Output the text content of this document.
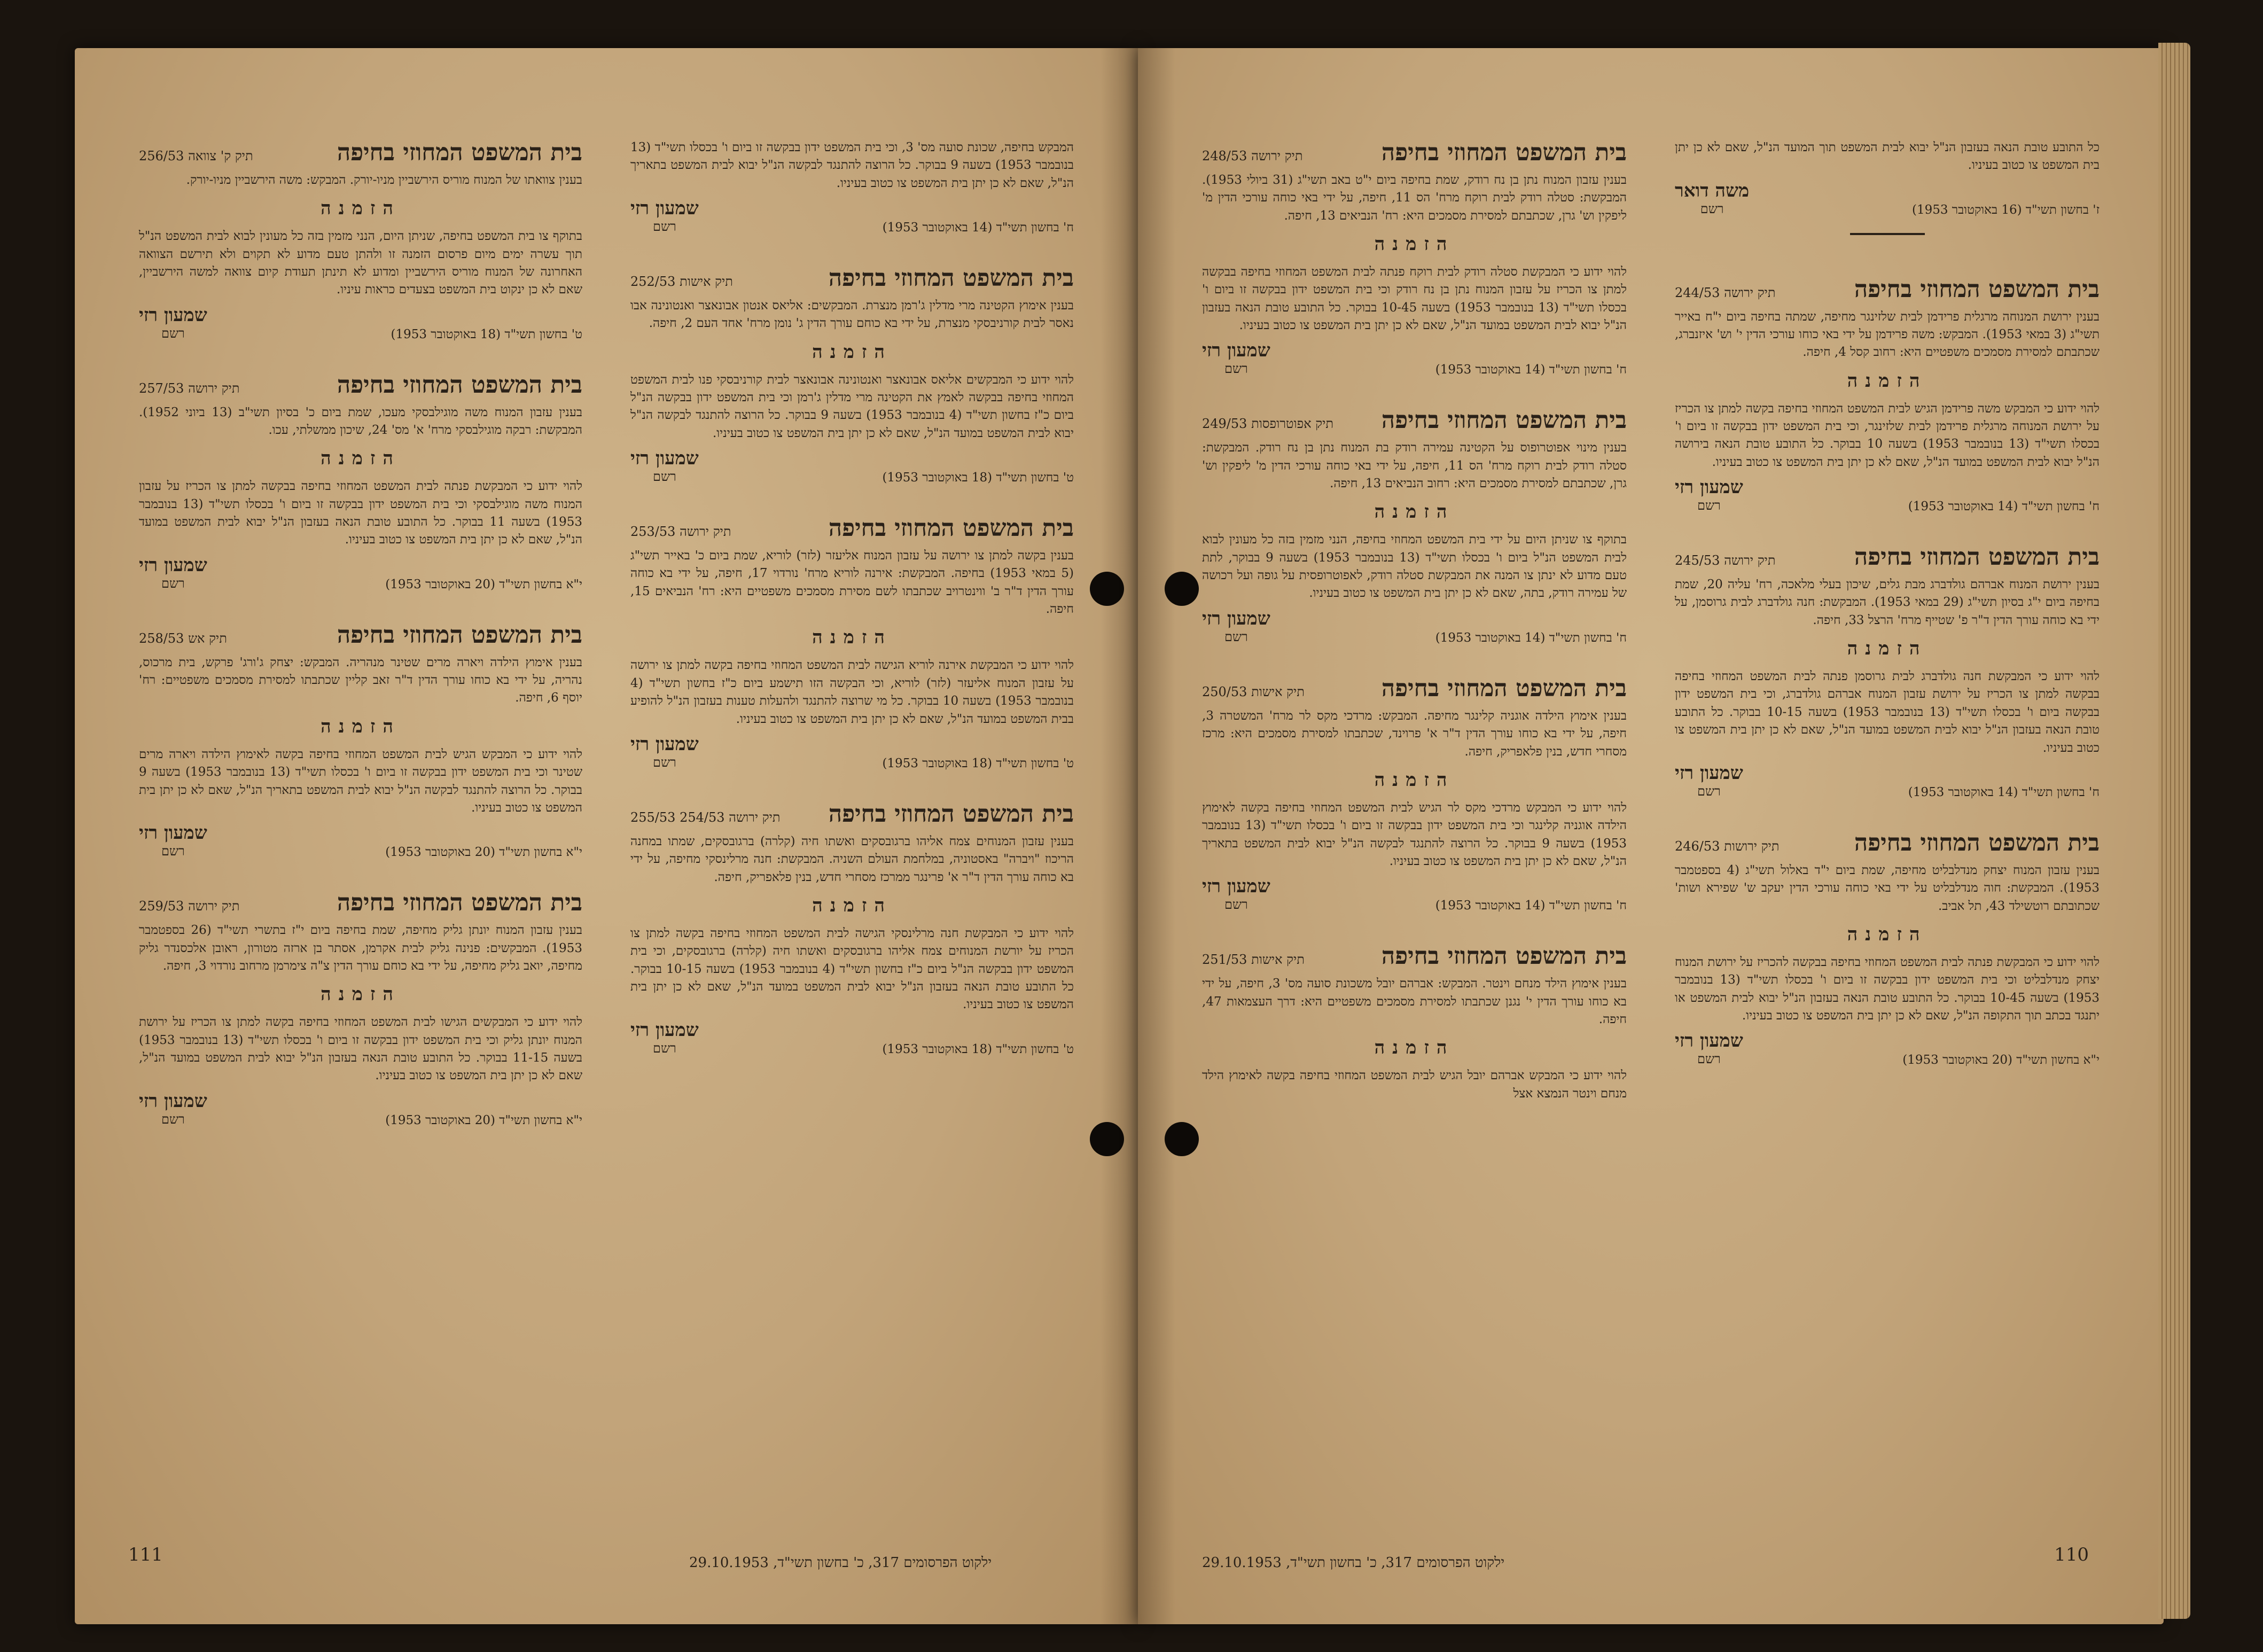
המבקש בחיפה, שכונת סועה מס' 3, וכי בית המשפט ידון בבקשה זו ביום ו' בכסלו תשי"ד (13 בנובמבר 1953) בשעה 9 בבוקר. כל הרוצה להתנגד לבקשה הנ"ל יבוא לבית המשפט בתאריך הנ"ל, שאם לא כן יתן בית המשפט צו כטוב בעיניו.
ח' בחשון תשי"ד (14 באוקטובר 1953)
שמעון רזי
רשם
בית המשפט המחוזי בחיפה
תיק אישות 252/53
בענין אימוץ הקטינה מרי מדלין ג'רמן מנצרת. המבקשים: אליאס אנטון אבונאצר ואנטונינה אבו נאסר לבית קורניבסקי מנצרת, על ידי בא כוחם עורך הדין ג' נומן מרח' אחד העם 2, חיפה.
הזמנה
להוי ידוע כי המבקשים אליאס אבונאצר ואנטונינה אבונאצר לבית קורניבסקי פנו לבית המשפט המחוזי בחיפה בבקשה לאמץ את הקטינה מרי מדלין ג'רמן וכי בית המשפט ידון בבקשה הנ"ל ביום כ"ז בחשון תשי"ד (4 בנובמבר 1953) בשעה 9 בבוקר. כל הרוצה להתנגד לבקשה הנ"ל יבוא לבית המשפט במועד הנ"ל, שאם לא כן יתן בית המשפט צו כטוב בעיניו.
ט' בחשון תשי"ד (18 באוקטובר 1953)
שמעון רזי
רשם
בית המשפט המחוזי בחיפה
תיק ירושה 253/53
בענין בקשה למתן צו ירושה על עזבון המנוח אליעזר (לזר) לוריא, שמת ביום כ' באייר תשי"ג (5 במאי 1953) בחיפה. המבקשת: אירנה לוריא מרח' נורדוי 17, חיפה, על ידי בא כוחה עורך הדין ד"ר ב' ווינטרויב שכתבתו לשם מסירת מסמכים משפטיים היא: רח' הנביאים 15, חיפה.
הזמנה
להוי ידוע כי המבקשת אירנה לוריא הגישה לבית המשפט המחוזי בחיפה בקשה למתן צו ירושה על עזבון המנוח אליעזר (לזר) לוריא, וכי הבקשה הזו תישמע ביום כ"ז בחשון תשי"ד (4 בנובמבר 1953) בשעה 10 בבוקר. כל מי שרוצה להתנגד ולהעלות טענות בעזבון הנ"ל להופיע בבית המשפט במועד הנ"ל, שאם לא כן יתן בית המשפט צו כטוב בעיניו.
ט' בחשון תשי"ד (18 באוקטובר 1953)
שמעון רזי
רשם
בית המשפט המחוזי בחיפה
תיק ירושה 254/53 255/53
בענין עזבון המנוחים צמח אליהו ברגובסקים ואשתו חיה (קלרה) ברגובסקים, שמתו במחנה הריכוז "ויברה" באסטוניה, במלחמת העולם השניה. המבקשת: חנה מרלינסקי מחיפה, על ידי בא כוחה עורך הדין ד"ר א' פרינגר ממרכז מסחרי חדש, בנין פלאפריק, חיפה.
הזמנה
להוי ידוע כי המבקשת חנה מרלינסקי הגישה לבית המשפט המחוזי בחיפה בקשה למתן צו הכריז על יורשת המנוחים צמח אליהו ברגובסקים ואשתו חיה (קלרה) ברגובסקים, וכי בית המשפט ידון בבקשה הנ"ל ביום כ"ז בחשון תשי"ד (4 בנובמבר 1953) בשעה 10-15 בבוקר. כל התובע טובת הנאה בעזבון הנ"ל יבוא לבית המשפט במועד הנ"ל, שאם לא כן יתן בית המשפט צו כטוב בעיניו.
ט' בחשון תשי"ד (18 באוקטובר 1953)
שמעון רזי
רשם
בית המשפט המחוזי בחיפה
תיק ק' צוואה 256/53
בענין צוואתו של המנוח מוריס הירשביין מניו-יורק. המבקש: משה הירשביין מניו-יורק.
הזמנה
בתוקף צו בית המשפט בחיפה, שניתן היום, הנני מזמין בזה כל מעונין לבוא לבית המשפט הנ"ל תוך עשרה ימים מיום פרסום הזמנה זו ולהתן טעם מדוע לא תקוים ולא תירשם הצוואה האחרונה של המנוח מוריס הירשביין ומדוע לא תינתן תעודת קיום צוואה למשה הירשביין, שאם לא כן ינקוט בית המשפט בצעדים כראות עיניו.
ט' בחשון תשי"ד (18 באוקטובר 1953)
שמעון רזי
רשם
בית המשפט המחוזי בחיפה
תיק ירושה 257/53
בענין עזבון המנוח משה מוגילבסקי מעכו, שמת ביום כ' בסיון תשי"ב (13 ביוני 1952). המבקשת: רבקה מוגילבסקי מרח' א' מס' 24, שיכון ממשלתי, עכו.
הזמנה
להוי ידוע כי המבקשת פנתה לבית המשפט המחוזי בחיפה בבקשה למתן צו הכריז על עזבון המנוח משה מוגילבסקי וכי בית המשפט ידון בבקשה זו ביום ו' בכסלו תשי"ד (13 בנובמבר 1953) בשעה 11 בבוקר. כל התובע טובת הנאה בעזבון הנ"ל יבוא לבית המשפט במועד הנ"ל, שאם לא כן יתן בית המשפט צו כטוב בעיניו.
י"א בחשון תשי"ד (20 באוקטובר 1953)
שמעון רזי
רשם
בית המשפט המחוזי בחיפה
תיק אש 258/53
בענין אימוץ הילדה ויארה מרים שטינר מנהריה. המבקש: יצחק ג'ורג' פרקש, בית מרכוס, נהריה, על ידי בא כוחו עורך הדין ד"ר זאב קליין שכתבתו למסירת מסמכים משפטיים: רח' יוסף 6, חיפה.
הזמנה
להוי ידוע כי המבקש הגיש לבית המשפט המחוזי בחיפה בקשה לאימוץ הילדה ויארה מרים שטינר וכי בית המשפט ידון בבקשה זו ביום ו' בכסלו תשי"ד (13 בנובמבר 1953) בשעה 9 בבוקר. כל הרוצה להתנגד לבקשה הנ"ל יבוא לבית המשפט בתאריך הנ"ל, שאם לא כן יתן בית המשפט צו כטוב בעיניו.
י"א בחשון תשי"ד (20 באוקטובר 1953)
שמעון רזי
רשם
בית המשפט המחוזי בחיפה
תיק ירושה 259/53
בענין עזבון המנוח יונתן גליק מחיפה, שמת בחיפה ביום י"ז בתשרי תשי"ד (26 בספטמבר 1953). המבקשים: פנינה גליק לבית אקרמן, אסתר בן ארזה מטורון, ראובן אלכסנדר גליק מחיפה, יואב גליק מחיפה, על ידי בא כוחם עורך הדין צ"ה צימרמן מרחוב נורדוי 3, חיפה.
הזמנה
להוי ידוע כי המבקשים הגישו לבית המשפט המחוזי בחיפה בקשה למתן צו הכריז על ירושת המנוח יונתן גליק וכי בית המשפט ידון בבקשה זו ביום ו' בכסלו תשי"ד (13 בנובמבר 1953) בשעה 11-15 בבוקר. כל התובע טובת הנאה בעזבון הנ"ל יבוא לבית המשפט במועד הנ"ל, שאם לא כן יתן בית המשפט צו כטוב בעיניו.
י"א בחשון תשי"ד (20 באוקטובר 1953)
שמעון רזי
רשם
ילקוט הפרסומים 317, כ' בחשון תשי"ד, 29.10.1953
111
כל התובע טובת הנאה בעזבון הנ"ל יבוא לבית המשפט תוך המועד הנ"ל, שאם לא כן יתן בית המשפט צו כטוב בעיניו.
ז' בחשון תשי"ד (16 באוקטובר 1953)
משה דואר
רשם
בית המשפט המחוזי בחיפה
תיק ירושה 244/53
בענין ירושת המנוחה מרגלית פרידמן לבית שלזינגר מחיפה, שמתה בחיפה ביום י"ח באייר תשי"ג (3 במאי 1953). המבקש: משה פרידמן על ידי באי כוחו עורכי הדין י' וש' איזנברג, שכתבתם למסירת מסמכים משפטיים היא: רחוב קסל 4, חיפה.
הזמנה
להוי ידוע כי המבקש משה פרידמן הגיש לבית המשפט המחוזי בחיפה בקשה למתן צו הכריז על ירושת המנוחה מרגלית פרידמן לבית שלזינגר, וכי בית המשפט ידון בבקשה זו ביום ו' בכסלו תשי"ד (13 בנובמבר 1953) בשעה 10 בבוקר. כל התובע טובת הנאה בירושה הנ"ל יבוא לבית המשפט במועד הנ"ל, שאם לא כן יתן בית המשפט צו כטוב בעיניו.
ח' בחשון תשי"ד (14 באוקטובר 1953)
שמעון רזי
רשם
בית המשפט המחוזי בחיפה
תיק ירושה 245/53
בענין ירושת המנוח אברהם גולדברג מבת גלים, שיכון בעלי מלאכה, רח' עליה 20, שמת בחיפה ביום י"ג בסיון תשי"ג (29 במאי 1953). המבקשת: חנה גולדברג לבית גרוסמן, על ידי בא כוחה עורך הדין ד"ר פ' שטייף מרח' הרצל 33, חיפה.
הזמנה
להוי ידוע כי המבקשת חנה גולדברג לבית גרוסמן פנתה לבית המשפט המחוזי בחיפה בבקשה למתן צו הכריז על ירושת עזבון המנוח אברהם גולדברג, וכי בית המשפט ידון בבקשה ביום ו' בכסלו תשי"ד (13 בנובמבר 1953) בשעה 10-15 בבוקר. כל התובע טובת הנאה בעזבון הנ"ל יבוא לבית המשפט במועד הנ"ל, שאם לא כן יתן בית המשפט צו כטוב בעיניו.
ח' בחשון תשי"ד (14 באוקטובר 1953)
שמעון רזי
רשם
בית המשפט המחוזי בחיפה
תיק ירושות 246/53
בענין עזבון המנוח יצחק מנדלבליט מחיפה, שמת ביום י"ד באלול תשי"ג (4 בספטמבר 1953). המבקשת: חוה מנדלבליט על ידי באי כוחה עורכי הדין יעקב ש' שפירא ושות' שכתובתם רוטשילד 43, תל אביב.
הזמנה
להוי ידוע כי המבקשת פנתה לבית המשפט המחוזי בחיפה בבקשה להכריז על ירושת המנוח יצחק מנדלבליט וכי בית המשפט ידון בבקשה זו ביום ו' בכסלו תשי"ד (13 בנובמבר 1953) בשעה 10-45 בבוקר. כל התובע טובת הנאה בעזבון הנ"ל יבוא לבית המשפט או יתנגד בכתב תוך התקופה הנ"ל, שאם לא כן יתן בית המשפט צו כטוב בעיניו.
י"א בחשון תשי"ד (20 באוקטובר 1953)
שמעון רזי
רשם
בית המשפט המחוזי בחיפה
תיק ירושה 248/53
בענין עזבון המנוח נתן בן נח רודק, שמת בחיפה ביום י"ט באב תשי"ג (31 ביולי 1953). המבקשת: סטלה רודק לבית רוקח מרח' הס 11, חיפה, על ידי באי כוחה עורכי הדין מ' ליפקין וש' גרן, שכתבתם למסירת מסמכים היא: רח' הנביאים 13, חיפה.
הזמנה
להוי ידוע כי המבקשת סטלה רודק לבית רוקח פנתה לבית המשפט המחוזי בחיפה בבקשה למתן צו הכריז על עזבון המנוח נתן בן נח רודק וכי בית המשפט ידון בבקשה זו ביום ו' בכסלו תשי"ד (13 בנובמבר 1953) בשעה 10-45 בבוקר. כל התובע טובת הנאה בעזבון הנ"ל יבוא לבית המשפט במועד הנ"ל, שאם לא כן יתן בית המשפט צו כטוב בעיניו.
ח' בחשון תשי"ד (14 באוקטובר 1953)
שמעון רזי
רשם
בית המשפט המחוזי בחיפה
תיק אפוטרופסות 249/53
בענין מינוי אפוטרופוס על הקטינה עמירה רודק בת המנוח נתן בן נח רודק. המבקשת: סטלה רודק לבית רוקח מרח' הס 11, חיפה, על ידי באי כוחה עורכי הדין מ' ליפקין וש' גרן, שכתבתם למסירת מסמכים היא: רחוב הנביאים 13, חיפה.
הזמנה
בתוקף צו שניתן היום על ידי בית המשפט המחוזי בחיפה, הנני מזמין בזה כל מעונין לבוא לבית המשפט הנ"ל ביום ו' בכסלו תשי"ד (13 בנובמבר 1953) בשעה 9 בבוקר, לתת טעם מדוע לא ינתן צו המנה את המבקשת סטלה רודק, לאפוטרופסית על גופה ועל רכושה של עמירה רודק, בתה, שאם לא כן יתן בית המשפט צו כטוב בעיניו.
ח' בחשון תשי"ד (14 באוקטובר 1953)
שמעון רזי
רשם
בית המשפט המחוזי בחיפה
תיק אישות 250/53
בענין אימוץ הילדה אוגניה קלינגר מחיפה. המבקש: מרדכי מקס לר מרח' המשטרה 3, חיפה, על ידי בא כוחו עורך הדין ד"ר א' פרוינד, שכתבתו למסירת מסמכים היא: מרכז מסחרי חדש, בנין פלאפריק, חיפה.
הזמנה
להוי ידוע כי המבקש מרדכי מקס לר הגיש לבית המשפט המחוזי בחיפה בקשה לאימוץ הילדה אוגניה קלינגר וכי בית המשפט ידון בבקשה זו ביום ו' בכסלו תשי"ד (13 בנובמבר 1953) בשעה 9 בבוקר. כל הרוצה להתנגד לבקשה הנ"ל יבוא לבית המשפט בתאריך הנ"ל, שאם לא כן יתן בית המשפט צו כטוב בעיניו.
ח' בחשון תשי"ד (14 באוקטובר 1953)
שמעון רזי
רשם
בית המשפט המחוזי בחיפה
תיק אישות 251/53
בענין אימוץ הילד מנחם וינטר. המבקש: אברהם יובל משכונת סועה מס' 3, חיפה, על ידי בא כוחו עורך הדין י' נגנן שכתבתו למסירת מסמכים משפטיים היא: דרך העצמאות 47, חיפה.
הזמנה
להוי ידוע כי המבקש אברהם יובל הגיש לבית המשפט המחוזי בחיפה בקשה לאימוץ הילד מנחם וינטר הנמצא אצל
ילקוט הפרסומים 317, כ' בחשון תשי"ד, 29.10.1953	110
